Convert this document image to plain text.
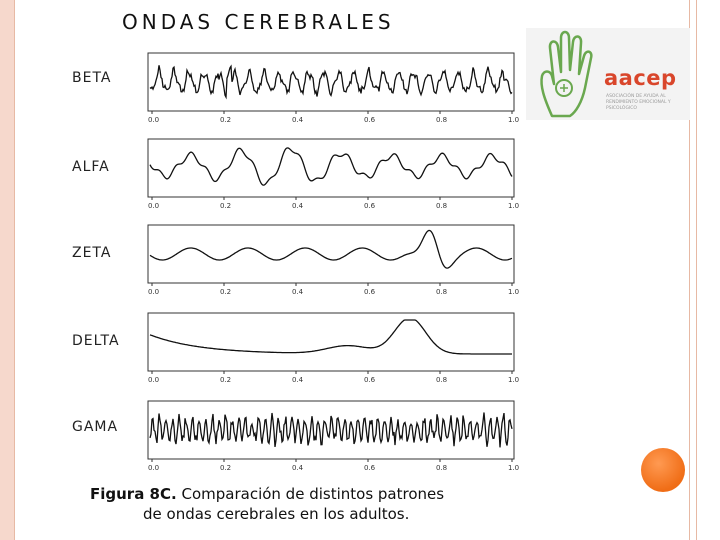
ONDAS CEREBRALES
aacep
ASOCIACIÓN DE AYUDA AL RENDIMIENTO EMOCIONAL Y PSICOLÓGICO
BETA
0.0	0.2	0.4	0.6	0.8	1.0
ALFA
0.0	0.2	0.4	0.6	0.8	1.0
ZETA
0.0	0.2	0.4	0.6	0.8	1.0
DELTA
0.0	0.2	0.4	0.6	0.8	1.0
GAMA
0.0	0.2	0.4	0.6	0.8	1.0
Figura 8C. Comparación de distintos patrones
de ondas cerebrales en los adultos.
